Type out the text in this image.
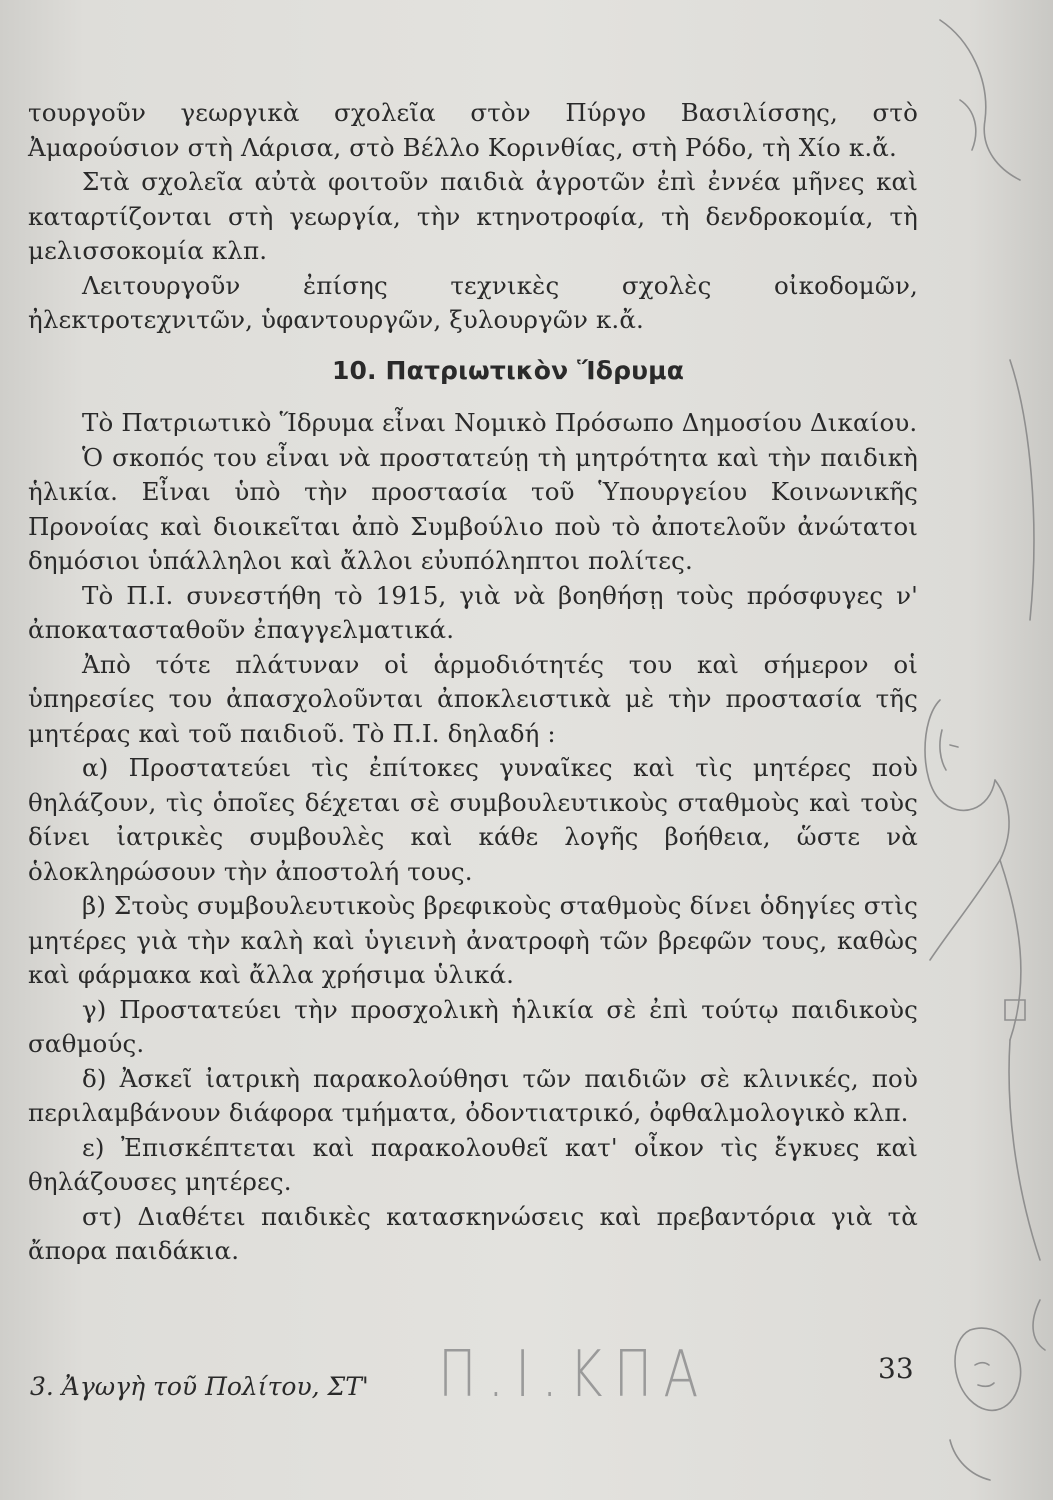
τουργοῦν γεωργικὰ σχολεῖα στὸν Πύργο Βασιλίσσης, στὸ Ἀμαρούσιον στὴ Λάρισα, στὸ Βέλλο Κορινθίας, στὴ Ρόδο, τὴ Χίο κ.ἄ.

Στὰ σχολεῖα αὐτὰ φοιτοῦν παιδιὰ ἀγροτῶν ἐπὶ ἐννέα μῆνες καὶ καταρτίζονται στὴ γεωργία, τὴν κτηνοτροφία, τὴ δενδροκομία, τὴ μελισσοκομία κλπ.

Λειτουργοῦν ἐπίσης τεχνικὲς σχολὲς οἰκοδομῶν, ἠλεκτροτεχνιτῶν, ὑφαντουργῶν, ξυλουργῶν κ.ἄ.

10. Πατριωτικὸν Ἵδρυμα

Τὸ Πατριωτικὸ Ἵδρυμα εἶναι Νομικὸ Πρόσωπο Δημοσίου Δικαίου.

Ὁ σκοπός του εἶναι νὰ προστατεύῃ τὴ μητρότητα καὶ τὴν παιδικὴ ἡλικία. Εἶναι ὑπὸ τὴν προστασία τοῦ Ὑπουργείου Κοινωνικῆς Προνοίας καὶ διοικεῖται ἀπὸ Συμβούλιο ποὺ τὸ ἀποτελοῦν ἀνώτατοι δημόσιοι ὑπάλληλοι καὶ ἄλλοι εὐυπόληπτοι πολίτες.

Τὸ Π.Ι. συνεστήθη τὸ 1915, γιὰ νὰ βοηθήσῃ τοὺς πρόσφυγες ν' ἀποκατασταθοῦν ἐπαγγελματικά.

Ἀπὸ τότε πλάτυναν οἱ ἁρμοδιότητές του καὶ σήμερον οἱ ὑπηρεσίες του ἀπασχολοῦνται ἀποκλειστικὰ μὲ τὴν προστασία τῆς μητέρας καὶ τοῦ παιδιοῦ. Τὸ Π.Ι. δηλαδή :

α) Προστατεύει τὶς ἐπίτοκες γυναῖκες καὶ τὶς μητέρες ποὺ θηλάζουν, τὶς ὁποῖες δέχεται σὲ συμβουλευτικοὺς σταθμοὺς καὶ τοὺς δίνει ἰατρικὲς συμβουλὲς καὶ κάθε λογῆς βοήθεια, ὥστε νὰ ὁλοκληρώσουν τὴν ἀποστολή τους.

β) Στοὺς συμβουλευτικοὺς βρεφικοὺς σταθμοὺς δίνει ὁδηγίες στὶς μητέρες γιὰ τὴν καλὴ καὶ ὑγιεινὴ ἀνατροφὴ τῶν βρεφῶν τους, καθὼς καὶ φάρμακα καὶ ἄλλα χρήσιμα ὑλικά.

γ) Προστατεύει τὴν προσχολικὴ ἡλικία σὲ ἐπὶ τούτῳ παιδικοὺς σαθμούς.

δ) Ἀσκεῖ ἰατρικὴ παρακολούθησι τῶν παιδιῶν σὲ κλινικές, ποὺ περιλαμβάνουν διάφορα τμήματα, ὀδοντιατρικό, ὀφθαλμολογικὸ κλπ.

ε) Ἐπισκέπτεται καὶ παρακολουθεῖ κατ' οἶκον τὶς ἔγκυες καὶ θηλάζουσες μητέρες.

στ) Διαθέτει παιδικὲς κατασκηνώσεις καὶ πρεβαντόρια γιὰ τὰ ἄπορα παιδάκια.

3. Ἀγωγὴ τοῦ Πολίτου, ΣΤ' Π.Ι.ΚΠΑ	33
